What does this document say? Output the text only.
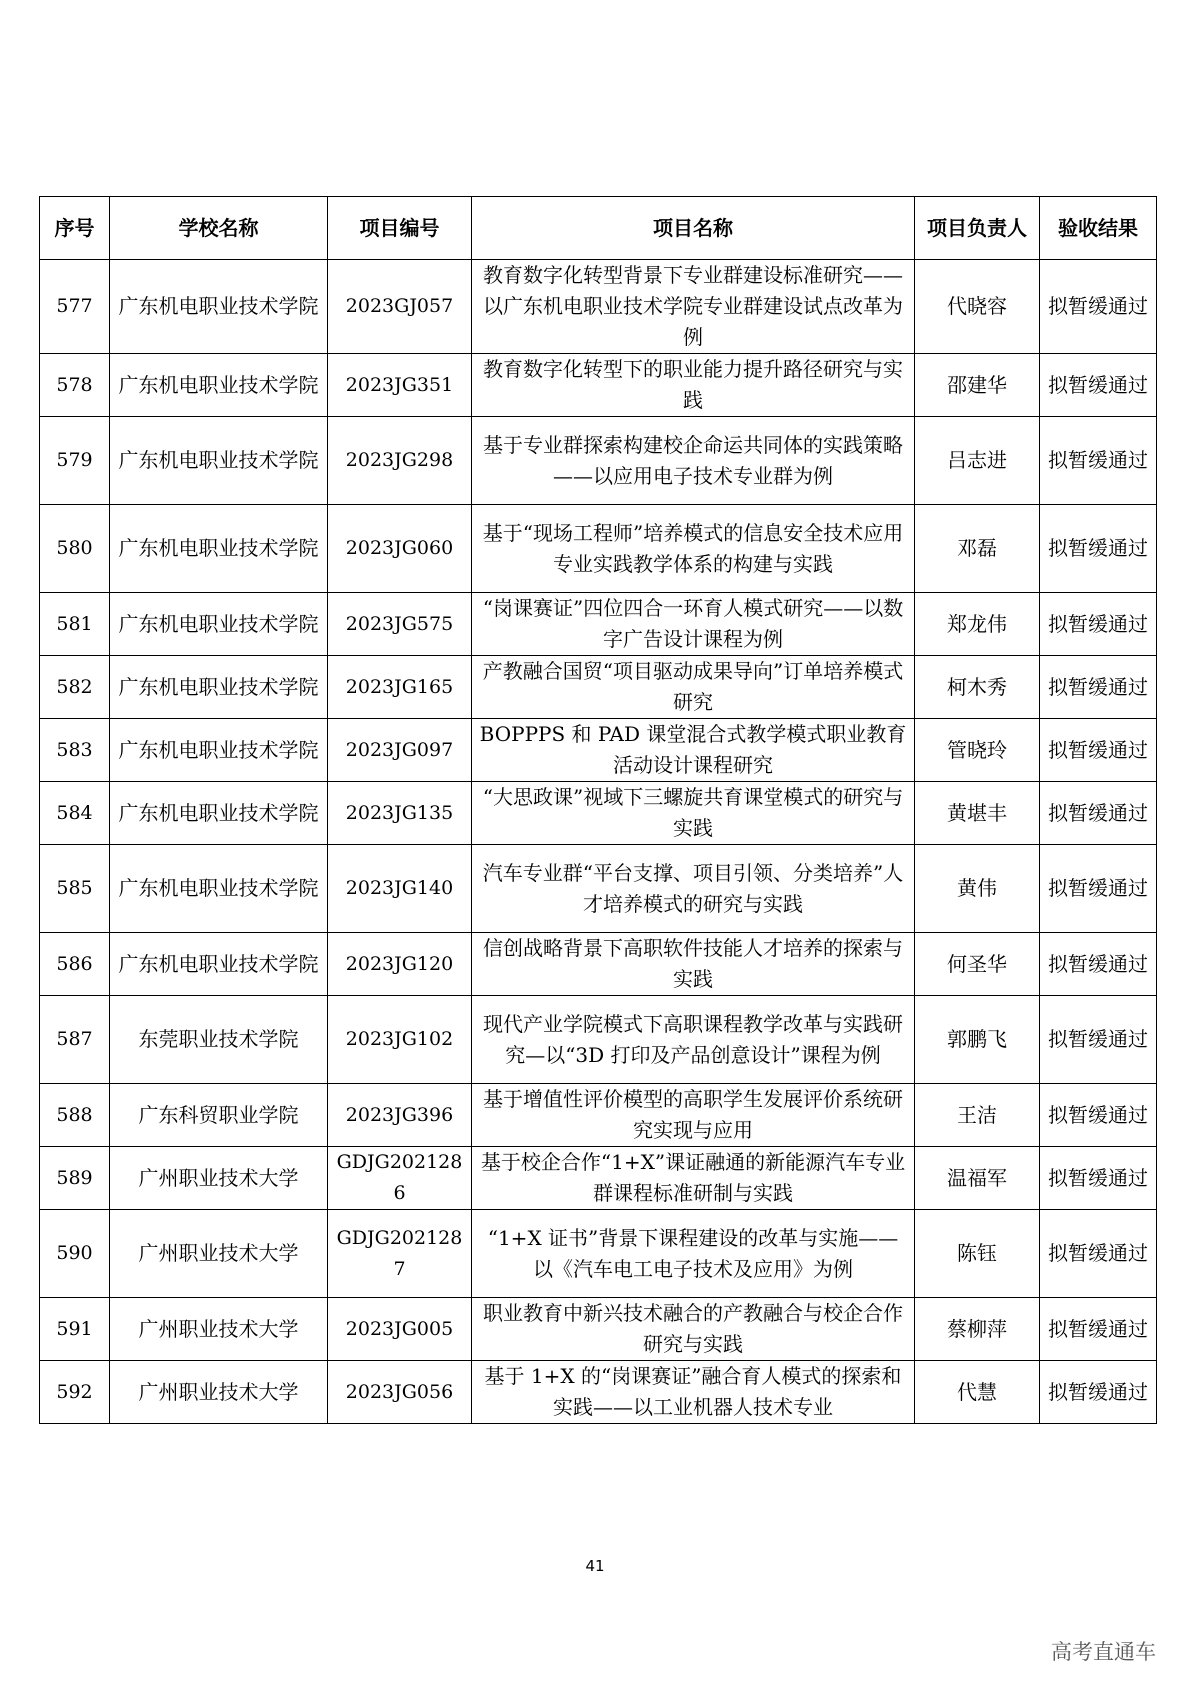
序号	学校名称	项目编号	项目名称	项目负责人	验收结果
577	广东机电职业技术学院	2023GJ057	教育数字化转型背景下专业群建设标准研究——以广东机电职业技术学院专业群建设试点改革为例	代晓容	拟暂缓通过
578	广东机电职业技术学院	2023JG351	教育数字化转型下的职业能力提升路径研究与实践	邵建华	拟暂缓通过
579	广东机电职业技术学院	2023JG298	基于专业群探索构建校企命运共同体的实践策略——以应用电子技术专业群为例	吕志进	拟暂缓通过
580	广东机电职业技术学院	2023JG060	基于“现场工程师”培养模式的信息安全技术应用专业实践教学体系的构建与实践	邓磊	拟暂缓通过
581	广东机电职业技术学院	2023JG575	“岗课赛证”四位四合一环育人模式研究——以数字广告设计课程为例	郑龙伟	拟暂缓通过
582	广东机电职业技术学院	2023JG165	产教融合国贸“项目驱动成果导向”订单培养模式研究	柯木秀	拟暂缓通过
583	广东机电职业技术学院	2023JG097	BOPPPS 和 PAD 课堂混合式教学模式职业教育活动设计课程研究	管晓玲	拟暂缓通过
584	广东机电职业技术学院	2023JG135	“大思政课”视域下三螺旋共育课堂模式的研究与实践	黄堪丰	拟暂缓通过
585	广东机电职业技术学院	2023JG140	汽车专业群“平台支撑、项目引领、分类培养”人才培养模式的研究与实践	黄伟	拟暂缓通过
586	广东机电职业技术学院	2023JG120	信创战略背景下高职软件技能人才培养的探索与实践	何圣华	拟暂缓通过
587	东莞职业技术学院	2023JG102	现代产业学院模式下高职课程教学改革与实践研究—以“3D 打印及产品创意设计”课程为例	郭鹏飞	拟暂缓通过
588	广东科贸职业学院	2023JG396	基于增值性评价模型的高职学生发展评价系统研究实现与应用	王洁	拟暂缓通过
589	广州职业技术大学	GDJG2021286	基于校企合作“1+X”课证融通的新能源汽车专业群课程标准研制与实践	温福军	拟暂缓通过
590	广州职业技术大学	GDJG2021287	“1+X 证书”背景下课程建设的改革与实施——以《汽车电工电子技术及应用》为例	陈钰	拟暂缓通过
591	广州职业技术大学	2023JG005	职业教育中新兴技术融合的产教融合与校企合作研究与实践	蔡柳萍	拟暂缓通过
592	广州职业技术大学	2023JG056	基于 1+X 的“岗课赛证”融合育人模式的探索和实践——以工业机器人技术专业	代慧	拟暂缓通过
41
高考直通车
